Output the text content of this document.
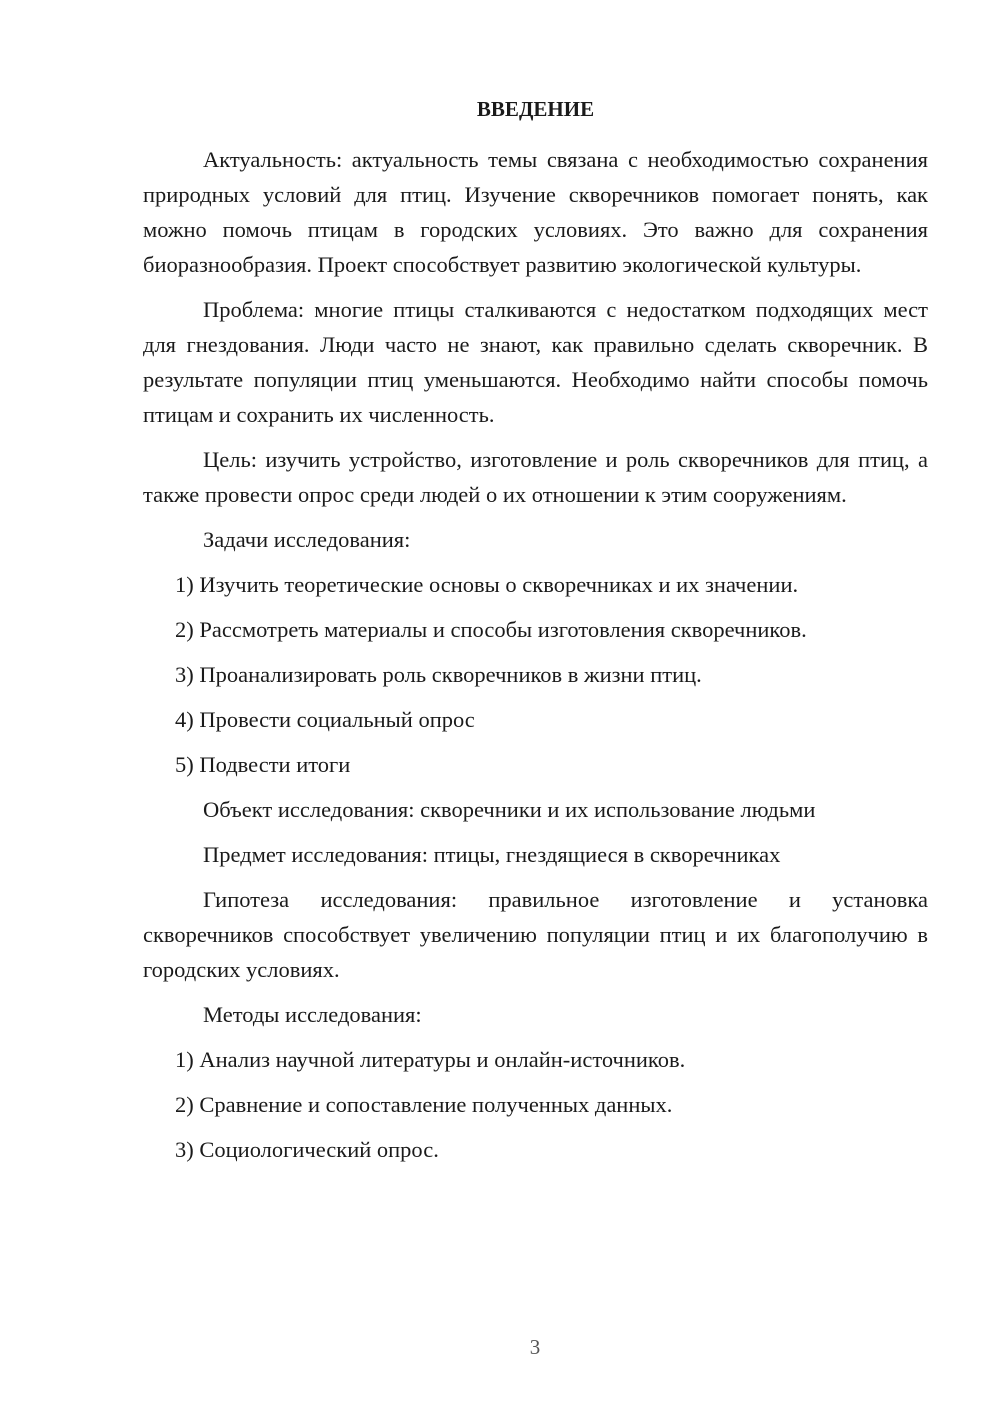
ВВЕДЕНИЕ

Актуальность: актуальность темы связана с необходимостью сохранения природных условий для птиц. Изучение скворечников помогает понять, как можно помочь птицам в городских условиях. Это важно для сохранения биоразнообразия. Проект способствует развитию экологической культуры.

Проблема: многие птицы сталкиваются с недостатком подходящих мест для гнездования. Люди часто не знают, как правильно сделать скворечник. В результате популяции птиц уменьшаются. Необходимо найти способы помочь птицам и сохранить их численность.

Цель: изучить устройство, изготовление и роль скворечников для птиц, а также провести опрос среди людей о их отношении к этим сооружениям.

Задачи исследования:
1) Изучить теоретические основы о скворечниках и их значении.
2) Рассмотреть материалы и способы изготовления скворечников.
3) Проанализировать роль скворечников в жизни птиц.
4) Провести социальный опрос
5) Подвести итоги
Объект исследования: скворечники и их использование людьми
Предмет исследования: птицы, гнездящиеся в скворечниках

Гипотеза исследования: правильное изготовление и установка скворечников способствует увеличению популяции птиц и их благополучию в городских условиях.

Методы исследования:
1) Анализ научной литературы и онлайн-источников.
2) Сравнение и сопоставление полученных данных.
3) Социологический опрос.
3
